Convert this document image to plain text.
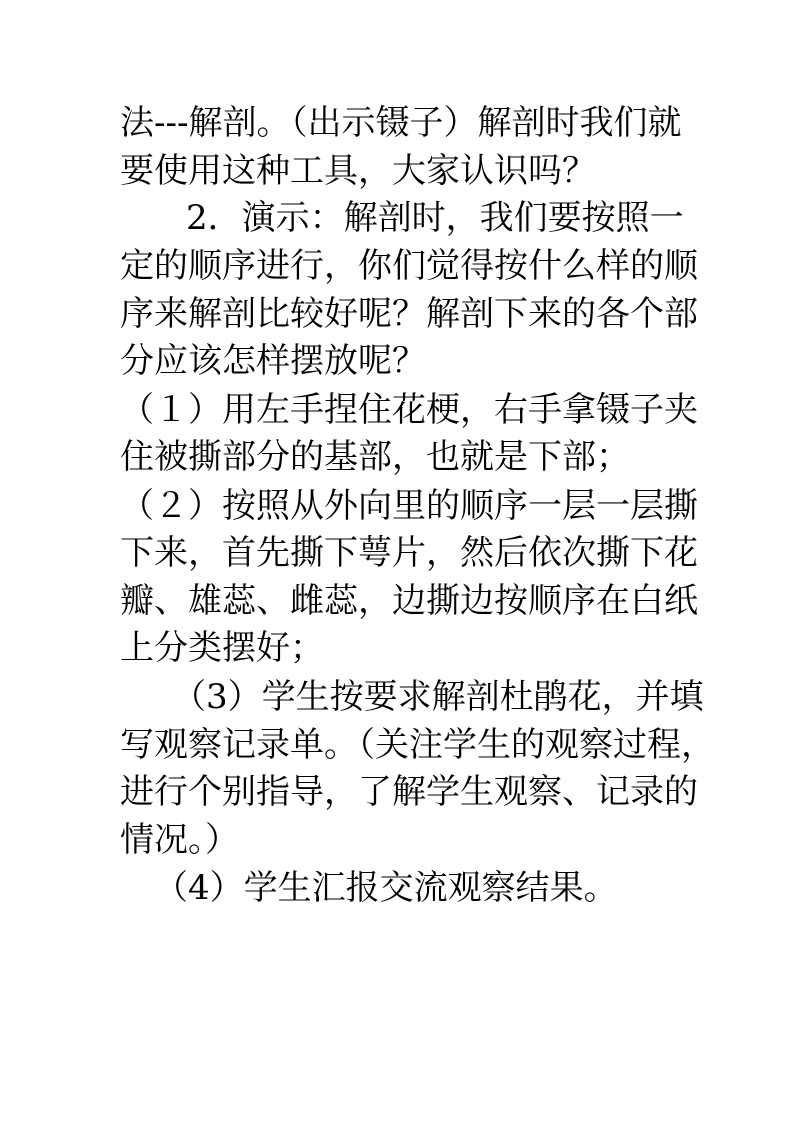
法---解剖。（出示镊子）解剖时我们就
要使用这种工具，大家认识吗？
2．演示：解剖时，我们要按照一
定的顺序进行，你们觉得按什么样的顺
序来解剖比较好呢？解剖下来的各个部
分应该怎样摆放呢？
（１）用左手捏住花梗，右手拿镊子夹
住被撕部分的基部，也就是下部；
（２）按照从外向里的顺序一层一层撕
下来，首先撕下萼片，然后依次撕下花
瓣、雄蕊、雌蕊，边撕边按顺序在白纸
上分类摆好；
（3）学生按要求解剖杜鹃花，并填
写观察记录单。（关注学生的观察过程，
进行个别指导，了解学生观察、记录的
情况。）
（4）学生汇报交流观察结果。
